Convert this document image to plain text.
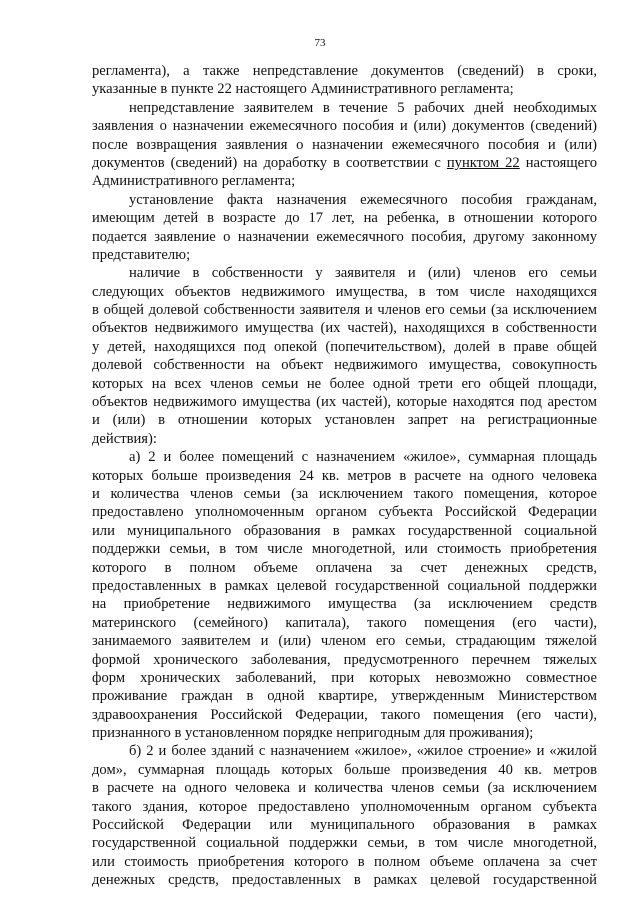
73
регламента), а также непредставление документов (сведений) в сроки,
указанные в пункте 22 настоящего Административного регламента;
непредставление заявителем в течение 5 рабочих дней необходимых
заявления о назначении ежемесячного пособия и (или) документов (сведений)
после возвращения заявления о назначении ежемесячного пособия и (или)
документов (сведений) на доработку в соответствии с пунктом 22 настоящего
Административного регламента;
установление факта назначения ежемесячного пособия гражданам,
имеющим детей в возрасте до 17 лет, на ребенка, в отношении которого
подается заявление о назначении ежемесячного пособия, другому законному
представителю;
наличие в собственности у заявителя и (или) членов его семьи
следующих объектов недвижимого имущества, в том числе находящихся
в общей долевой собственности заявителя и членов его семьи (за исключением
объектов недвижимого имущества (их частей), находящихся в собственности
у детей, находящихся под опекой (попечительством), долей в праве общей
долевой собственности на объект недвижимого имущества, совокупность
которых на всех членов семьи не более одной трети его общей площади,
объектов недвижимого имущества (их частей), которые находятся под арестом
и (или) в отношении которых установлен запрет на регистрационные
действия):
а) 2 и более помещений с назначением «жилое», суммарная площадь
которых больше произведения 24 кв. метров в расчете на одного человека
и количества членов семьи (за исключением такого помещения, которое
предоставлено уполномоченным органом субъекта Российской Федерации
или муниципального образования в рамках государственной социальной
поддержки семьи, в том числе многодетной, или стоимость приобретения
которого в полном объеме оплачена за счет денежных средств,
предоставленных в рамках целевой государственной социальной поддержки
на приобретение недвижимого имущества (за исключением средств
материнского (семейного) капитала), такого помещения (его части),
занимаемого заявителем и (или) членом его семьи, страдающим тяжелой
формой хронического заболевания, предусмотренного перечнем тяжелых
форм хронических заболеваний, при которых невозможно совместное
проживание граждан в одной квартире, утвержденным Министерством
здравоохранения Российской Федерации, такого помещения (его части),
признанного в установленном порядке непригодным для проживания);
б) 2 и более зданий с назначением «жилое», «жилое строение» и «жилой
дом», суммарная площадь которых больше произведения 40 кв. метров
в расчете на одного человека и количества членов семьи (за исключением
такого здания, которое предоставлено уполномоченным органом субъекта
Российской Федерации или муниципального образования в рамках
государственной социальной поддержки семьи, в том числе многодетной,
или стоимость приобретения которого в полном объеме оплачена за счет
денежных средств, предоставленных в рамках целевой государственной
